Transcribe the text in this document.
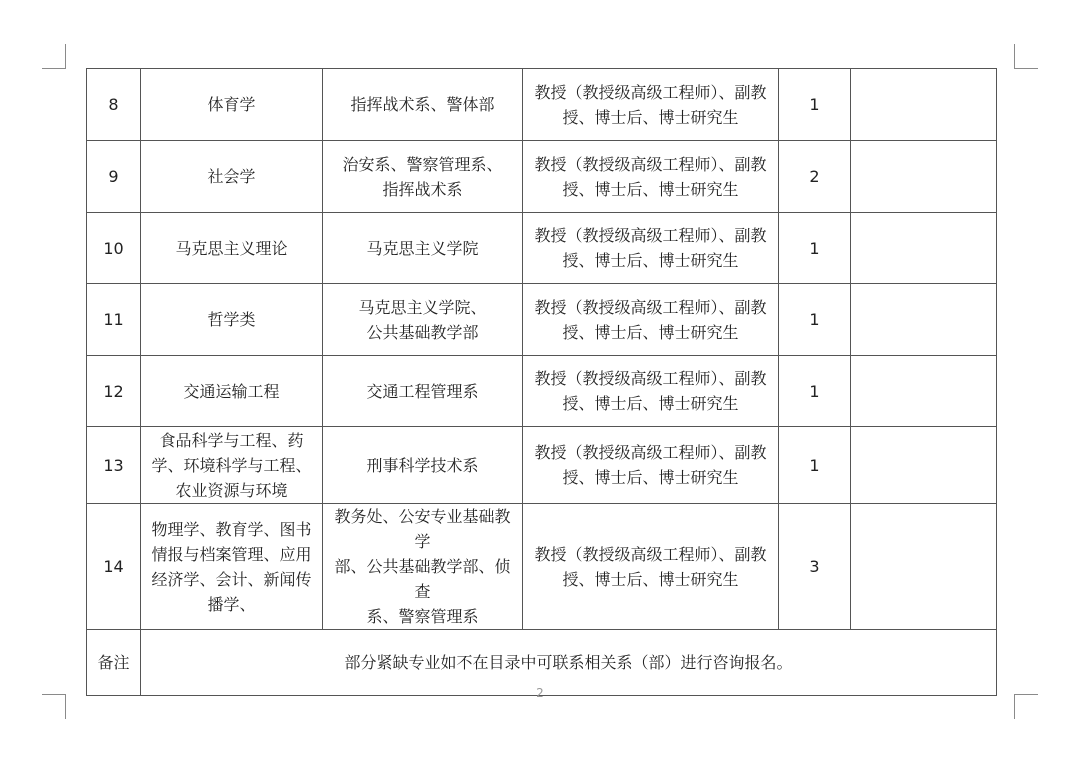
8	体育学	指挥战术系、警体部	教授（教授级高级工程师）、副教
授、博士后、博士研究生	1	
9	社会学	治安系、警察管理系、
指挥战术系	教授（教授级高级工程师）、副教
授、博士后、博士研究生	2	
10	马克思主义理论	马克思主义学院	教授（教授级高级工程师）、副教
授、博士后、博士研究生	1	
11	哲学类	马克思主义学院、
公共基础教学部	教授（教授级高级工程师）、副教
授、博士后、博士研究生	1	
12	交通运输工程	交通工程管理系	教授（教授级高级工程师）、副教
授、博士后、博士研究生	1	
13	食品科学与工程、药
学、环境科学与工程、
农业资源与环境	刑事科学技术系	教授（教授级高级工程师）、副教
授、博士后、博士研究生	1	
14	物理学、教育学、图书
情报与档案管理、应用
经济学、会计、新闻传
播学、	教务处、公安专业基础教学
部、公共基础教学部、侦查
系、警察管理系	教授（教授级高级工程师）、副教
授、博士后、博士研究生	3	
备注	部分紧缺专业如不在目录中可联系相关系（部）进行咨询报名。				
2
